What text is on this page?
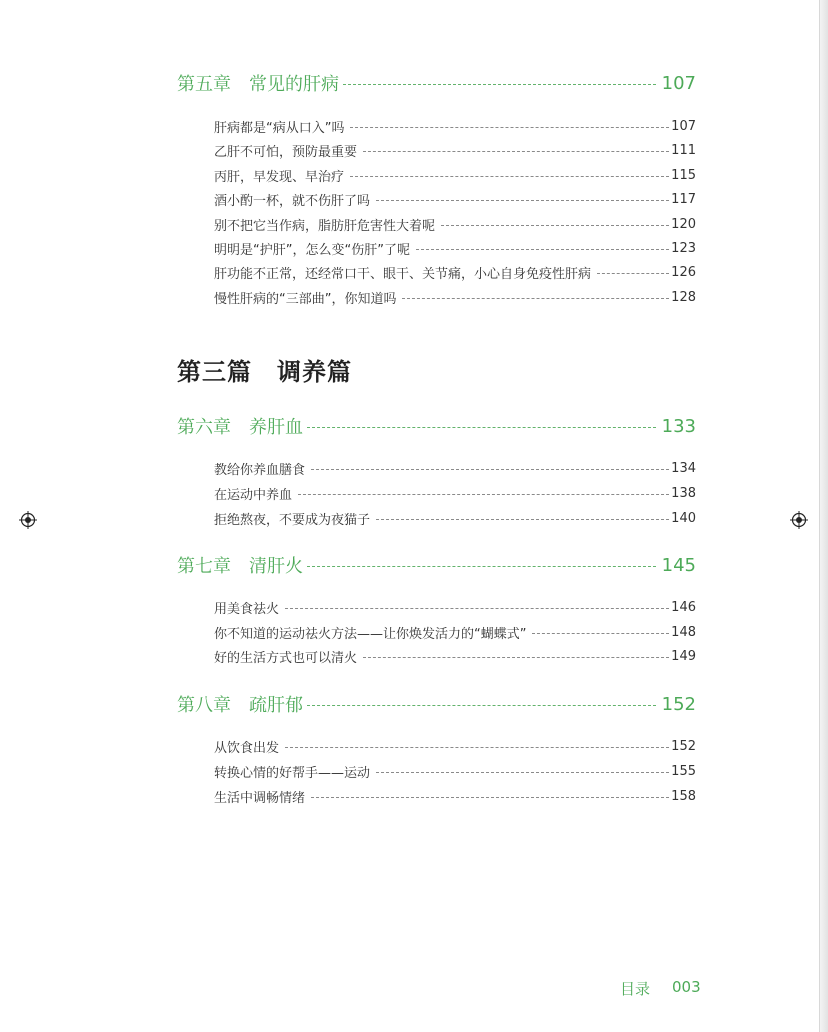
第五章　常见的肝病	107
肝病都是“病从口入”吗	107
乙肝不可怕，预防最重要	111
丙肝，早发现、早治疗	115
酒小酌一杯，就不伤肝了吗	117
别不把它当作病，脂肪肝危害性大着呢	120
明明是“护肝”，怎么变“伤肝”了呢	123
肝功能不正常，还经常口干、眼干、关节痛，小心自身免疫性肝病	126
慢性肝病的“三部曲”，你知道吗	128
第三篇　调养篇
第六章　养肝血	133
教给你养血膳食	134
在运动中养血	138
拒绝熬夜，不要成为夜猫子	140
第七章　清肝火	145
用美食祛火	146
你不知道的运动祛火方法——让你焕发活力的“蝴蝶式”	148
好的生活方式也可以清火	149
第八章　疏肝郁	152
从饮食出发	152
转换心情的好帮手——运动	155
生活中调畅情绪	158
目录 003
